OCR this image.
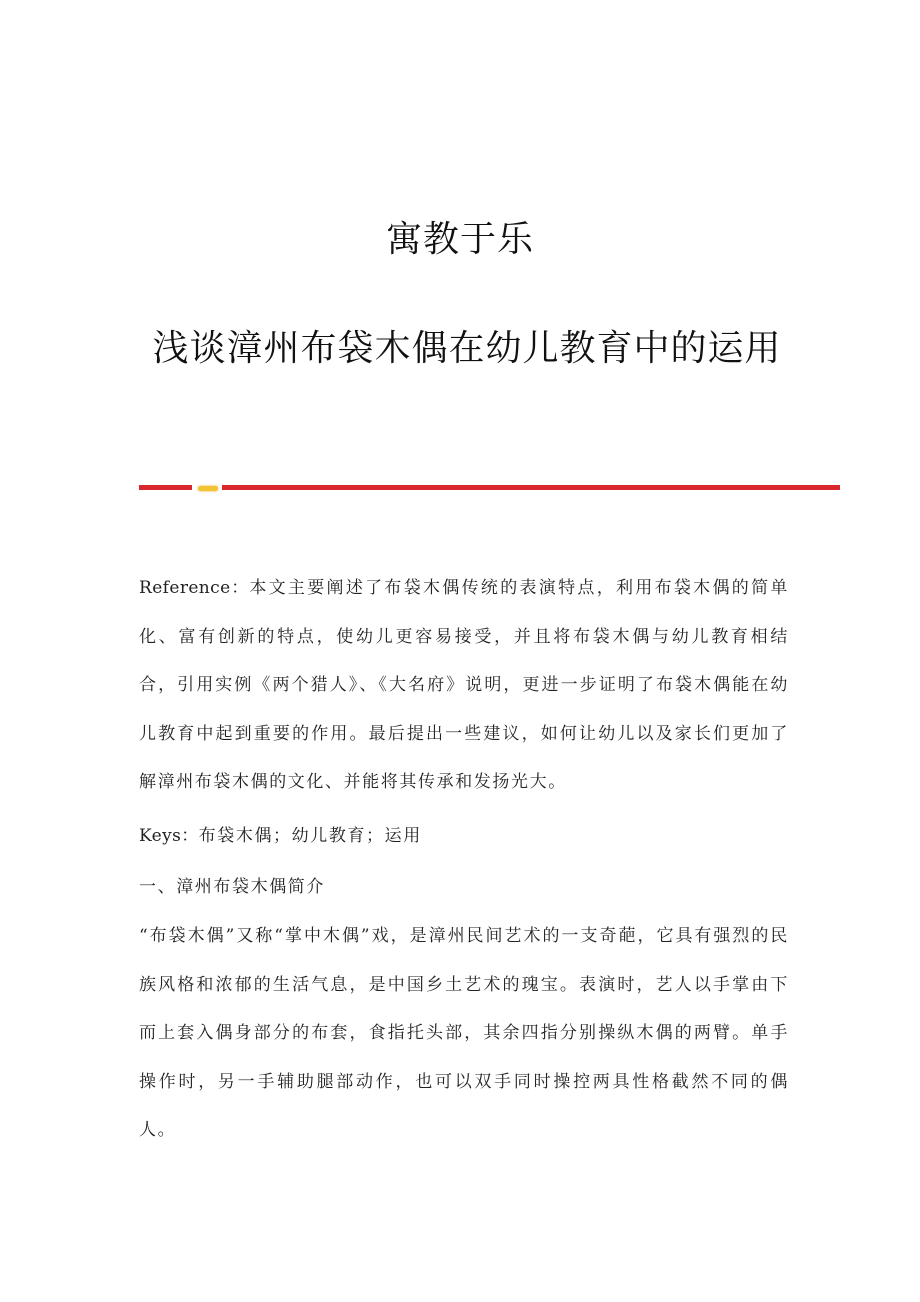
寓教于乐
浅谈漳州布袋木偶在幼儿教育中的运用

Reference：本文主要阐述了布袋木偶传统的表演特点，利用布袋木偶的简单化、富有创新的特点，使幼儿更容易接受，并且将布袋木偶与幼儿教育相结合，引用实例《两个猎人》、《大名府》说明，更进一步证明了布袋木偶能在幼儿教育中起到重要的作用。最后提出一些建议，如何让幼儿以及家长们更加了解漳州布袋木偶的文化、并能将其传承和发扬光大。

Keys：布袋木偶；幼儿教育；运用

一、漳州布袋木偶简介

“布袋木偶”又称“掌中木偶”戏，是漳州民间艺术的一支奇葩，它具有强烈的民族风格和浓郁的生活气息，是中国乡土艺术的瑰宝。表演时，艺人以手掌由下而上套入偶身部分的布套，食指托头部，其余四指分别操纵木偶的两臂。单手操作时，另一手辅助腿部动作，也可以双手同时操控两具性格截然不同的偶人。
